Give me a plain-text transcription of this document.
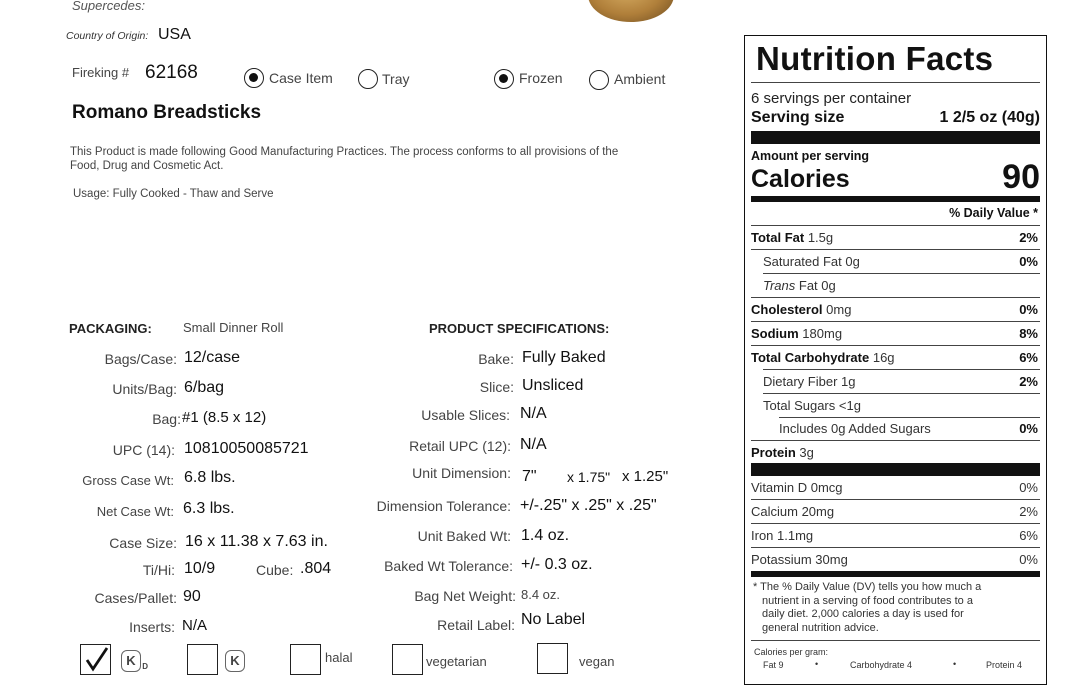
Supercedes:
Country of Origin: USA
Fireking # 62168	Case Item	Tray	Frozen	Ambient
Romano Breadsticks
This Product is made following Good Manufacturing Practices. The process conforms to all provisions of the
Food, Drug and Cosmetic Act.
Usage: Fully Cooked - Thaw and Serve
PACKAGING: Small Dinner Roll
Bags/Case: 12/case
Units/Bag: 6/bag
Bag: #1 (8.5 x 12)
UPC (14): 10810050085721
Gross Case Wt: 6.8 lbs.
Net Case Wt: 6.3 lbs.
Case Size: 16 x 11.38 x 7.63 in.
Ti/Hi: 10/9	Cube: .804
Cases/Pallet: 90
Inserts: N/A
PRODUCT SPECIFICATIONS:
Bake: Fully Baked
Slice: Unsliced
Usable Slices: N/A
Retail UPC (12): N/A
Unit Dimension: 7" x 1.75" x 1.25"
Dimension Tolerance: +/-.25" x .25" x .25"
Unit Baked Wt: 1.4 oz.
Baked Wt Tolerance: +/- 0.3 oz.
Bag Net Weight: 8.4 oz.
Retail Label: No Label
K D	K	halal	vegetarian	vegan
Nutrition Facts
6 servings per container
Serving size	1 2/5 oz (40g)
Amount per serving
Calories	90
% Daily Value *
Total Fat 1.5g	2%
Saturated Fat 0g	0%
Trans Fat 0g
Cholesterol 0mg	0%
Sodium 180mg	8%
Total Carbohydrate 16g	6%
Dietary Fiber 1g	2%
Total Sugars <1g
Includes 0g Added Sugars	0%
Protein 3g
Vitamin D 0mcg	0%
Calcium 20mg	2%
Iron 1.1mg	6%
Potassium 30mg	0%
* The % Daily Value (DV) tells you how much a
nutrient in a serving of food contributes to a
daily diet. 2,000 calories a day is used for
general nutrition advice.
Calories per gram:
Fat 9	•	Carbohydrate 4	•	Protein 4
